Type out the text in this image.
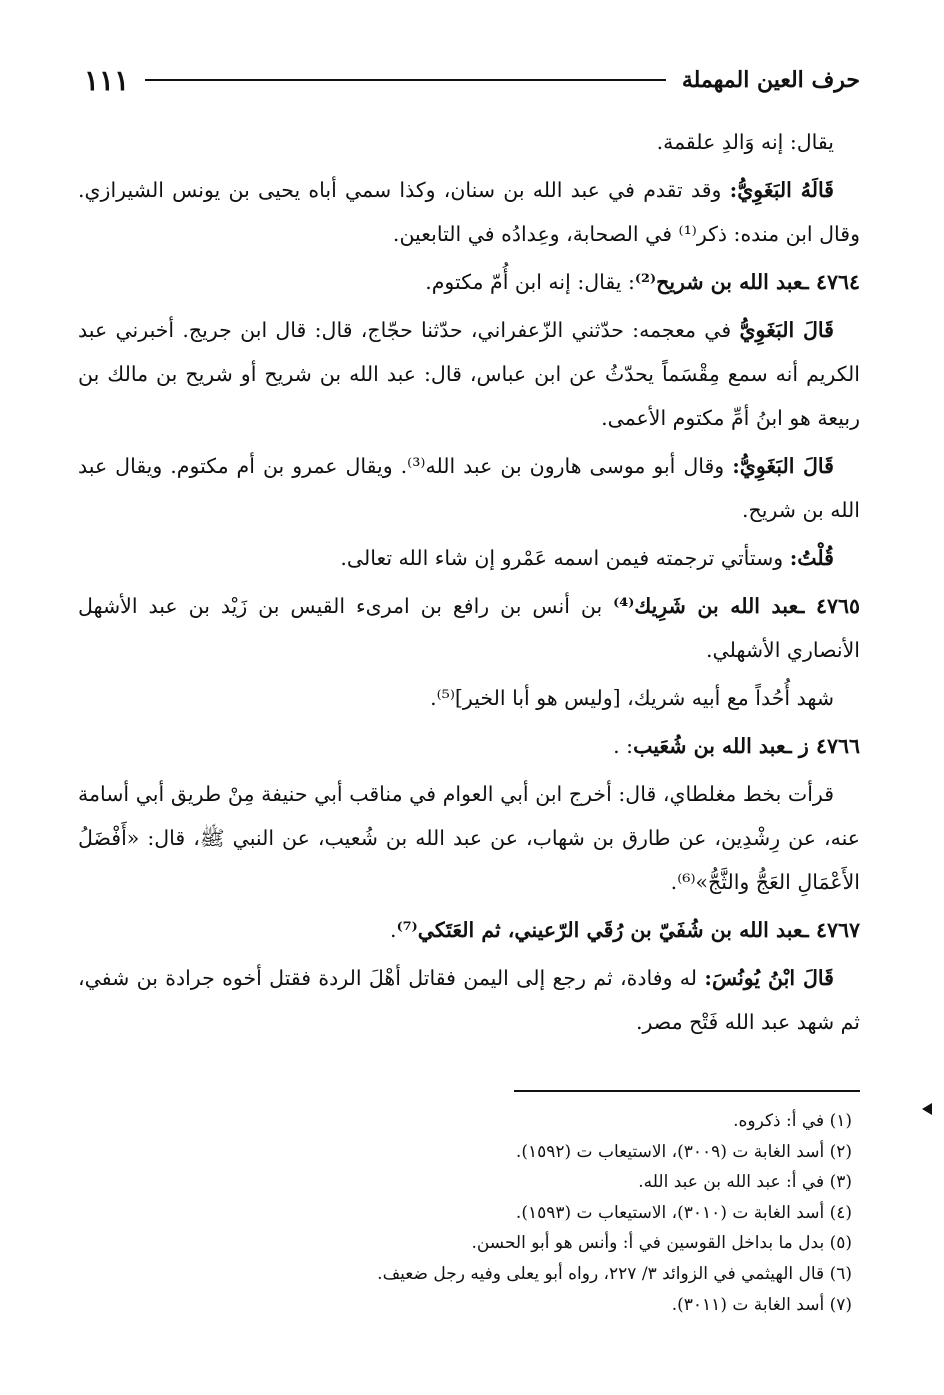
حرف العين المهملة
١١١

يقال: إنه وَالدِ علقمة.

قَالَهُ البَغَوِيُّ: وقد تقدم في عبد الله بن سنان، وكذا سمي أباه يحيى بن يونس الشيرازي. وقال ابن منده: ذكر⁽¹⁾ في الصحابة، وعِدادُه في التابعين.

٤٧٦٤ ـعبد الله بن شريح⁽²⁾: يقال: إنه ابن أُمّ مكتوم.

قَالَ البَغَوِيُّ في معجمه: حدّثني الزّعفراني، حدّثنا حجّاج، قال: قال ابن جريج. أخبرني عبد الكريم أنه سمع مِقْسَماً يحدّثُ عن ابن عباس، قال: عبد الله بن شريح أو شريح بن مالك بن ربيعة هو ابنُ أمِّ مكتوم الأعمى.

قَالَ البَغَوِيُّ: وقال أبو موسى هارون بن عبد الله⁽³⁾. ويقال عمرو بن أم مكتوم. ويقال عبد الله بن شريح.

قُلْتُ: وستأتي ترجمته فيمن اسمه عَمْرو إن شاء الله تعالى.

٤٧٦٥ ـعبد الله بن شَرِيك⁽⁴⁾ بن أنس بن رافع بن امرىء القيس بن زَيْد بن عبد الأشهل الأنصاري الأشهلي.

شهد أُحُداً مع أبيه شريك، [وليس هو أبا الخير]⁽⁵⁾.

٤٧٦٦ ز ـعبد الله بن شُعَيب: .

قرأت بخط مغلطاي، قال: أخرج ابن أبي العوام في مناقب أبي حنيفة مِنْ طريق أبي أسامة عنه، عن رِشْدِين، عن طارق بن شهاب، عن عبد الله بن شُعيب، عن النبي ﷺ، قال: «أَفْضَلُ الأَعْمَالِ العَجُّ والثَّجُّ»⁽⁶⁾.

٤٧٦٧ ـعبد الله بن شُفَيّ بن رُقَي الرّعيني، ثم العَتَكي⁽⁷⁾.

قَالَ ابْنُ يُونُسَ: له وفادة، ثم رجع إلى اليمن فقاتل أهْلَ الردة فقتل أخوه جرادة بن شفي، ثم شهد عبد الله فَتْح مصر.

(١) في أ: ذكروه.

(٢) أسد الغابة ت (٣٠٠٩)، الاستيعاب ت (١٥٩٢).

(٣) في أ: عبد الله بن عبد الله.

(٤) أسد الغابة ت (٣٠١٠)، الاستيعاب ت (١٥٩٣).

(٥) بدل ما بداخل القوسين في أ: وأنس هو أبو الحسن.

(٦) قال الهيثمي في الزوائد ٣/ ٢٢٧، رواه أبو يعلى وفيه رجل ضعيف.

(٧) أسد الغابة ت (٣٠١١).
